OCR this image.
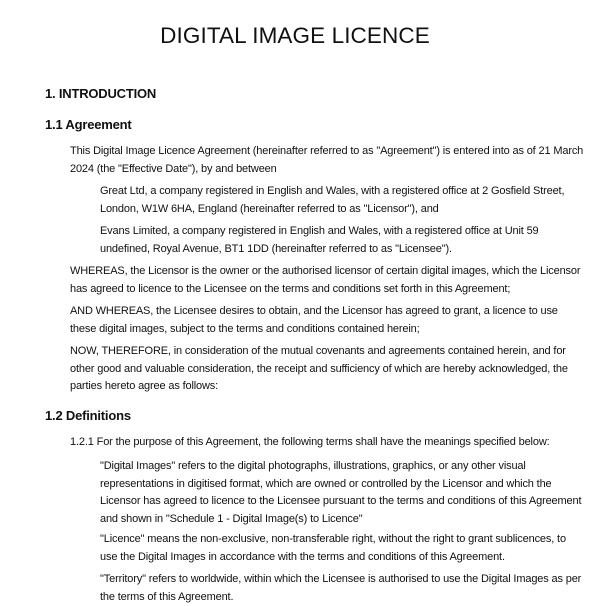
DIGITAL IMAGE LICENCE
1. INTRODUCTION
1.1 Agreement

This Digital Image Licence Agreement (hereinafter referred to as "Agreement") is entered into as of 21 March 2024 (the "Effective Date"), by and between

Great Ltd, a company registered in English and Wales, with a registered office at 2 Gosfield Street, London, W1W 6HA, England (hereinafter referred to as "Licensor"), and

Evans Limited, a company registered in English and Wales, with a registered office at Unit 59 undefined, Royal Avenue, BT1 1DD (hereinafter referred to as "Licensee").

WHEREAS, the Licensor is the owner or the authorised licensor of certain digital images, which the Licensor has agreed to licence to the Licensee on the terms and conditions set forth in this Agreement;

AND WHEREAS, the Licensee desires to obtain, and the Licensor has agreed to grant, a licence to use these digital images, subject to the terms and conditions contained herein;

NOW, THEREFORE, in consideration of the mutual covenants and agreements contained herein, and for other good and valuable consideration, the receipt and sufficiency of which are hereby acknowledged, the parties hereto agree as follows:

1.2 Definitions

1.2.1 For the purpose of this Agreement, the following terms shall have the meanings specified below:

"Digital Images" refers to the digital photographs, illustrations, graphics, or any other visual representations in digitised format, which are owned or controlled by the Licensor and which the Licensor has agreed to licence to the Licensee pursuant to the terms and conditions of this Agreement and shown in "Schedule 1 - Digital Image(s) to Licence"

"Licence" means the non-exclusive, non-transferable right, without the right to grant sublicences, to use the Digital Images in accordance with the terms and conditions of this Agreement.

"Territory" refers to worldwide, within which the Licensee is authorised to use the Digital Images as per the terms of this Agreement.
